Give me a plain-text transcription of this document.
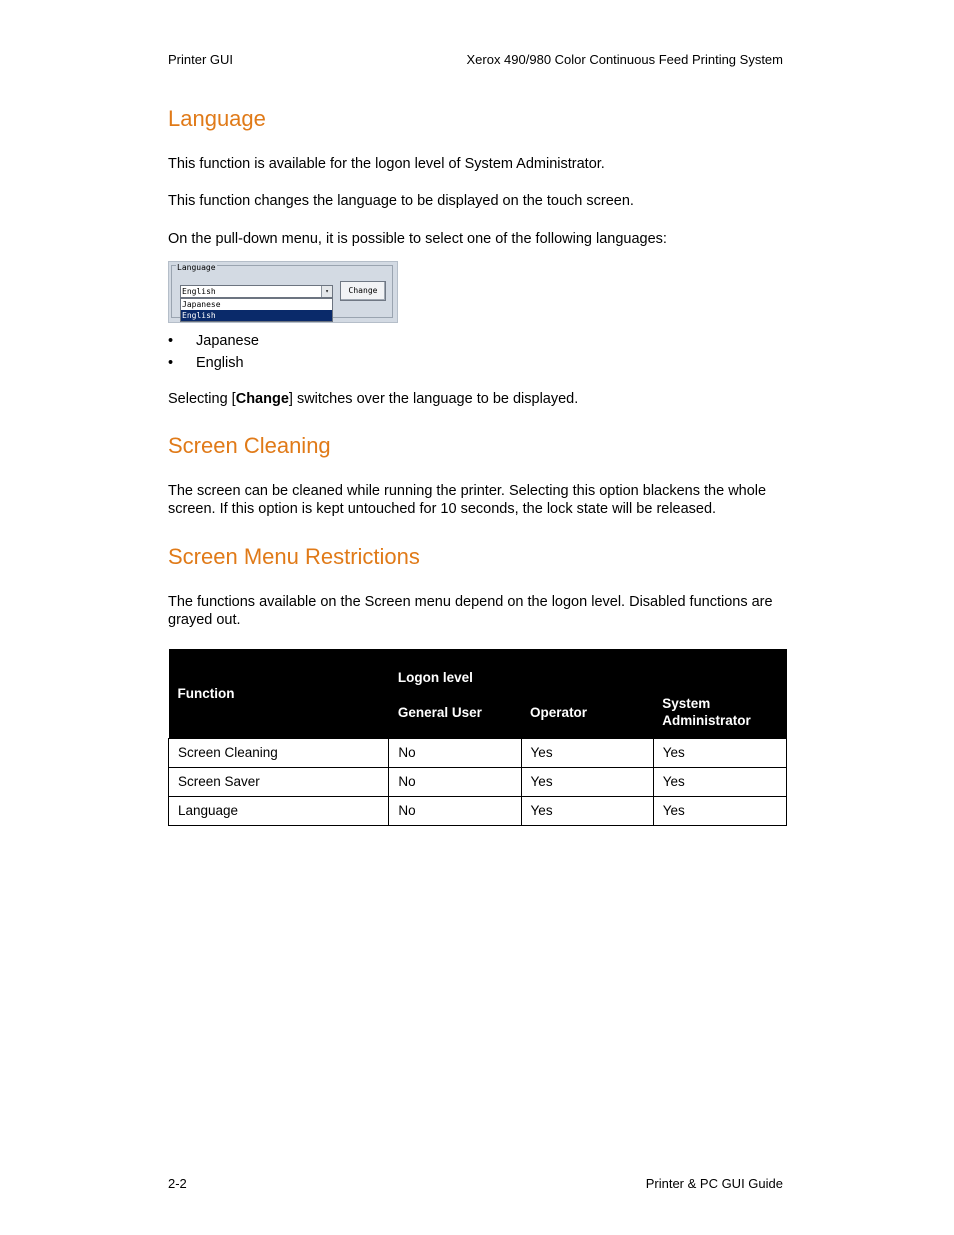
Printer GUI	Xerox 490/980 Color Continuous Feed Printing System
Language

This function is available for the logon level of System Administrator.

This function changes the language to be displayed on the touch screen.

On the pull-down menu, it is possible to select one of the following languages:

Language
English	▾
Japanese
English
Change
• Japanese
• English

Selecting [Change] switches over the language to be displayed.

Screen Cleaning

The screen can be cleaned while running the printer. Selecting this option blackens the whole screen. If this option is kept untouched for 10 seconds, the lock state will be released.

Screen Menu Restrictions

The functions available on the Screen menu depend on the logon level. Disabled functions are grayed out.

Function	Logon level		
	General User	Operator	System Administrator
Screen Cleaning	No	Yes	Yes
Screen Saver	No	Yes	Yes
Language	No	Yes	Yes
2-2	Printer & PC GUI Guide
